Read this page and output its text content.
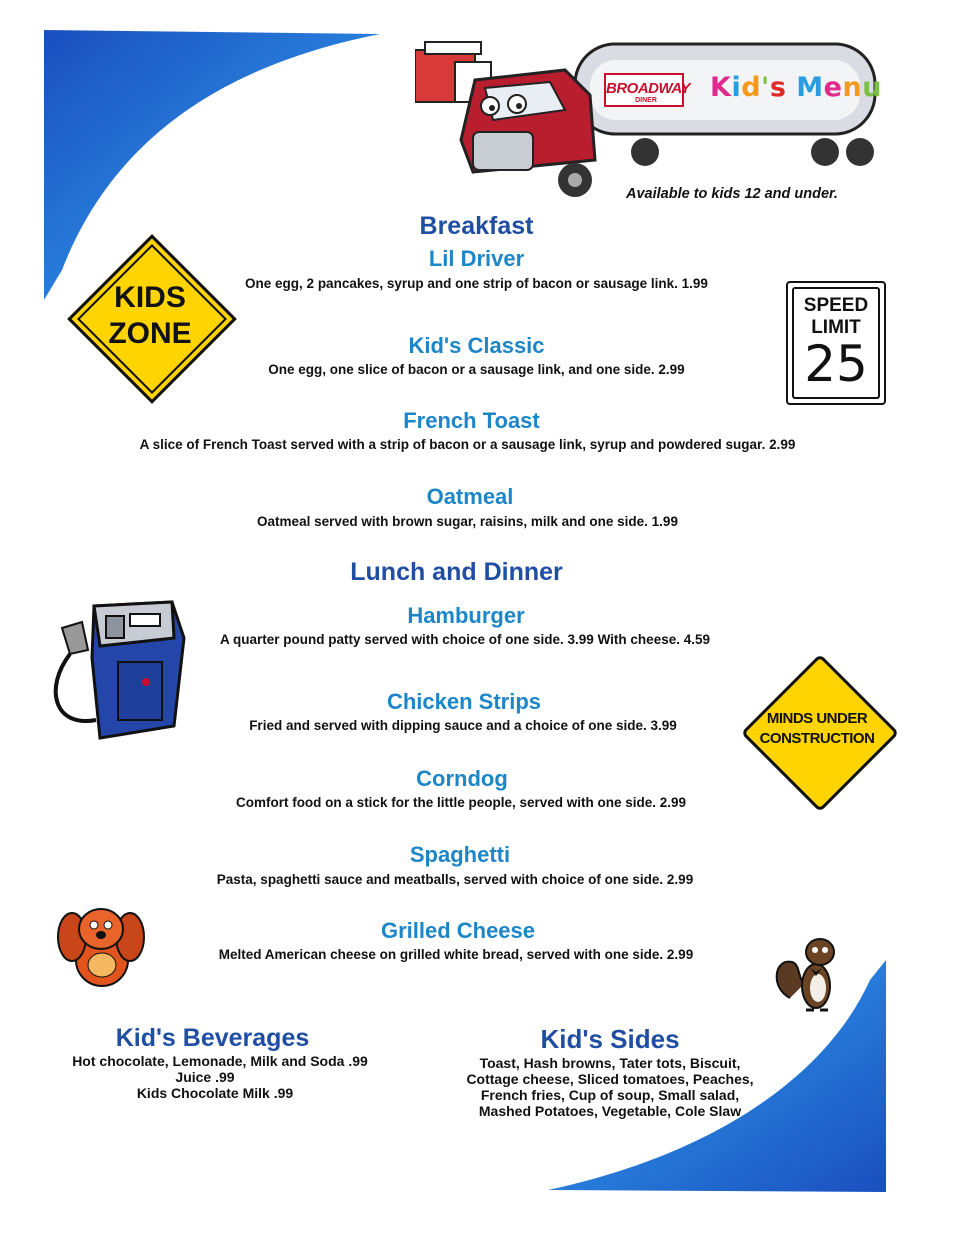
BROADWAY
DINER	Kid's Menu
Available to kids 12 and under.
Breakfast
Lil Driver
One egg, 2 pancakes, syrup and one strip of bacon or sausage link. 1.99
Kid's Classic
One egg, one slice of bacon or a sausage link, and one side. 2.99
French Toast
A slice of French Toast served with a strip of bacon or a sausage link, syrup and powdered sugar. 2.99
Oatmeal
Oatmeal served with brown sugar, raisins, milk and one side. 1.99
Lunch and Dinner
Hamburger
A quarter pound patty served with choice of one side. 3.99 With cheese. 4.59
Chicken Strips
Fried and served with dipping sauce and a choice of one side. 3.99
Corndog
Comfort food on a stick for the little people, served with one side. 2.99
Spaghetti
Pasta, spaghetti sauce and meatballs, served with choice of one side. 2.99
Grilled Cheese
Melted American cheese on grilled white bread, served with one side. 2.99
KIDS
ZONE
SPEED
LIMIT
25
MINDS UNDER
CONSTRUCTION
Kid's Beverages
Hot chocolate, Lemonade, Milk and Soda .99
Juice .99
Kids Chocolate Milk .99
Kid's Sides
Toast, Hash browns, Tater tots, Biscuit,
Cottage cheese, Sliced tomatoes, Peaches,
French fries, Cup of soup, Small salad,
Mashed Potatoes, Vegetable, Cole Slaw
